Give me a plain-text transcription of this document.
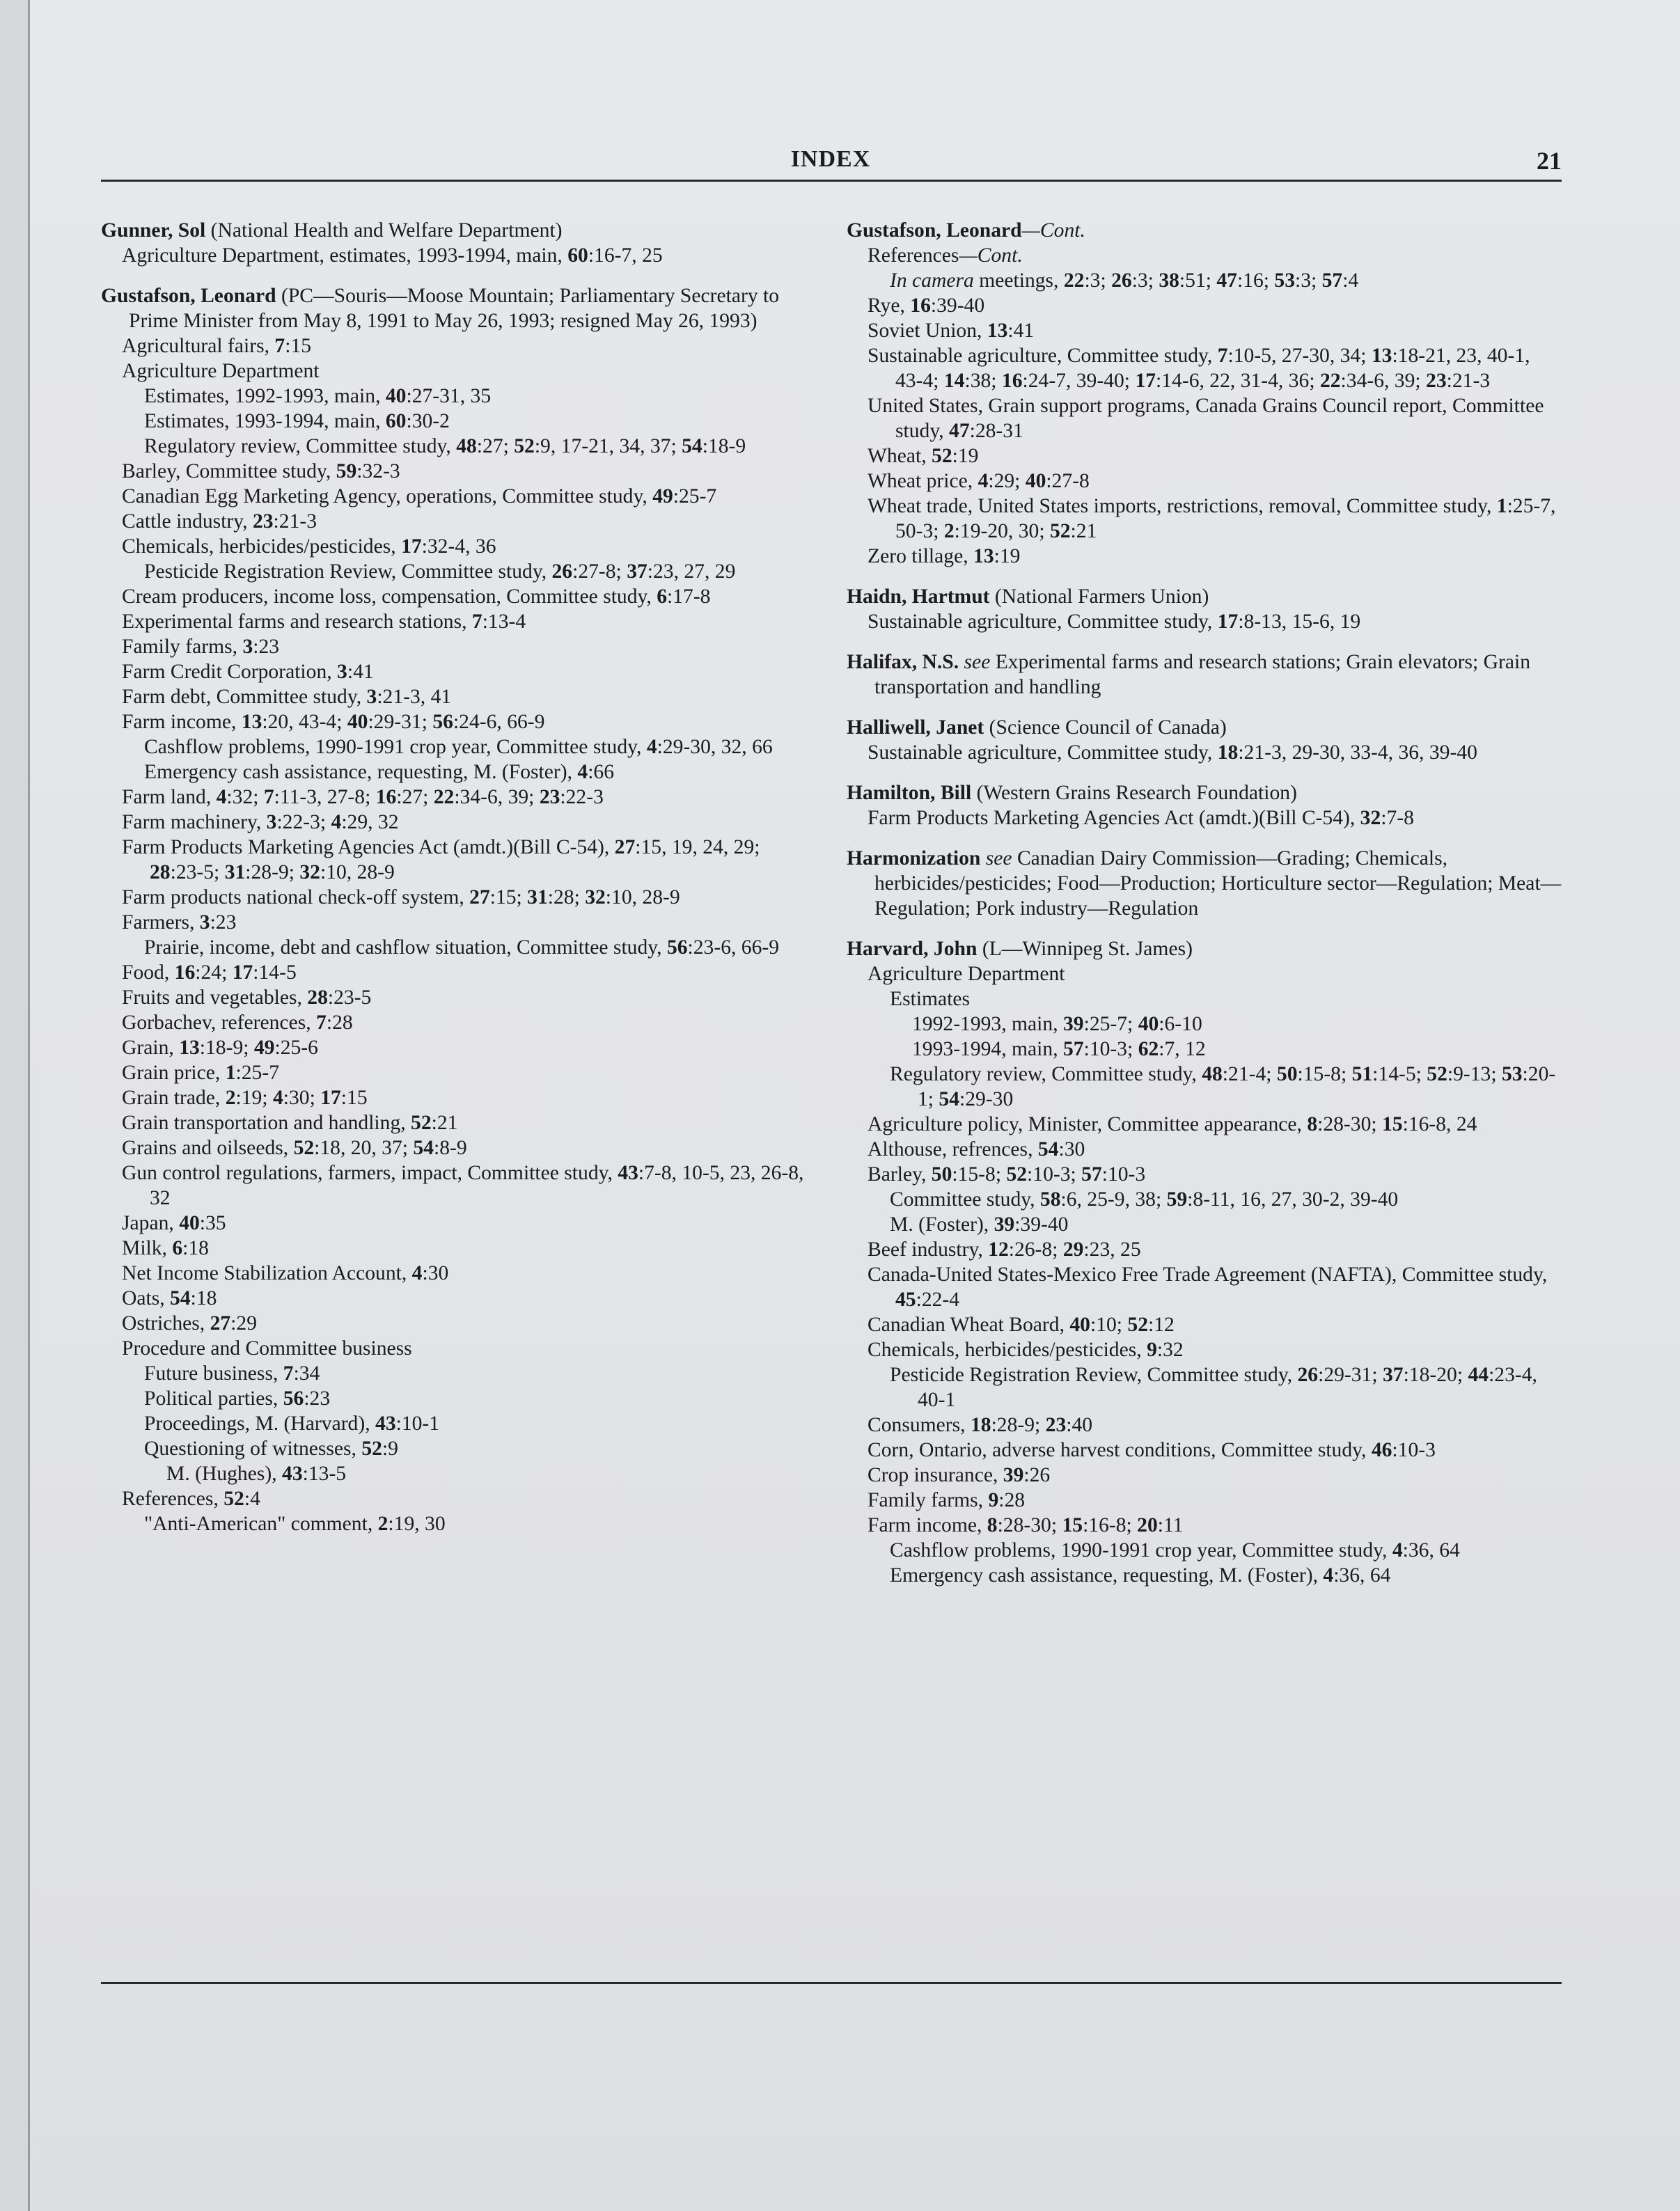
INDEX	21
Gunner, Sol (National Health and Welfare Department)
Agriculture Department, estimates, 1993-1994, main, 60:16-7, 25
Gustafson, Leonard (PC—Souris—Moose Mountain; Parliamentary Secretary to Prime Minister from May 8, 1991 to May 26, 1993; resigned May 26, 1993)
Agricultural fairs, 7:15
Agriculture Department
Estimates, 1992-1993, main, 40:27-31, 35
Estimates, 1993-1994, main, 60:30-2
Regulatory review, Committee study, 48:27; 52:9, 17-21, 34, 37; 54:18-9
Barley, Committee study, 59:32-3
Canadian Egg Marketing Agency, operations, Committee study, 49:25-7
Cattle industry, 23:21-3
Chemicals, herbicides/pesticides, 17:32-4, 36
Pesticide Registration Review, Committee study, 26:27-8; 37:23, 27, 29
Cream producers, income loss, compensation, Committee study, 6:17-8
Experimental farms and research stations, 7:13-4
Family farms, 3:23
Farm Credit Corporation, 3:41
Farm debt, Committee study, 3:21-3, 41
Farm income, 13:20, 43-4; 40:29-31; 56:24-6, 66-9
Cashflow problems, 1990-1991 crop year, Committee study, 4:29-30, 32, 66
Emergency cash assistance, requesting, M. (Foster), 4:66
Farm land, 4:32; 7:11-3, 27-8; 16:27; 22:34-6, 39; 23:22-3
Farm machinery, 3:22-3; 4:29, 32
Farm Products Marketing Agencies Act (amdt.)(Bill C-54), 27:15, 19, 24, 29; 28:23-5; 31:28-9; 32:10, 28-9
Farm products national check-off system, 27:15; 31:28; 32:10, 28-9
Farmers, 3:23
Prairie, income, debt and cashflow situation, Committee study, 56:23-6, 66-9
Food, 16:24; 17:14-5
Fruits and vegetables, 28:23-5
Gorbachev, references, 7:28
Grain, 13:18-9; 49:25-6
Grain price, 1:25-7
Grain trade, 2:19; 4:30; 17:15
Grain transportation and handling, 52:21
Grains and oilseeds, 52:18, 20, 37; 54:8-9
Gun control regulations, farmers, impact, Committee study, 43:7-8, 10-5, 23, 26-8, 32
Japan, 40:35
Milk, 6:18
Net Income Stabilization Account, 4:30
Oats, 54:18
Ostriches, 27:29
Procedure and Committee business
Future business, 7:34
Political parties, 56:23
Proceedings, M. (Harvard), 43:10-1
Questioning of witnesses, 52:9
M. (Hughes), 43:13-5
References, 52:4
"Anti-American" comment, 2:19, 30
Gustafson, Leonard—Cont.
References—Cont.
In camera meetings, 22:3; 26:3; 38:51; 47:16; 53:3; 57:4
Rye, 16:39-40
Soviet Union, 13:41
Sustainable agriculture, Committee study, 7:10-5, 27-30, 34; 13:18-21, 23, 40-1, 43-4; 14:38; 16:24-7, 39-40; 17:14-6, 22, 31-4, 36; 22:34-6, 39; 23:21-3
United States, Grain support programs, Canada Grains Council report, Committee study, 47:28-31
Wheat, 52:19
Wheat price, 4:29; 40:27-8
Wheat trade, United States imports, restrictions, removal, Committee study, 1:25-7, 50-3; 2:19-20, 30; 52:21
Zero tillage, 13:19
Haidn, Hartmut (National Farmers Union)
Sustainable agriculture, Committee study, 17:8-13, 15-6, 19
Halifax, N.S. see Experimental farms and research stations; Grain elevators; Grain transportation and handling
Halliwell, Janet (Science Council of Canada)
Sustainable agriculture, Committee study, 18:21-3, 29-30, 33-4, 36, 39-40
Hamilton, Bill (Western Grains Research Foundation)
Farm Products Marketing Agencies Act (amdt.)(Bill C-54), 32:7-8
Harmonization see Canadian Dairy Commission—Grading; Chemicals, herbicides/pesticides; Food—Production; Horticulture sector—Regulation; Meat—Regulation; Pork industry—Regulation
Harvard, John (L—Winnipeg St. James)
Agriculture Department
Estimates
1992-1993, main, 39:25-7; 40:6-10
1993-1994, main, 57:10-3; 62:7, 12
Regulatory review, Committee study, 48:21-4; 50:15-8; 51:14-5; 52:9-13; 53:20-1; 54:29-30
Agriculture policy, Minister, Committee appearance, 8:28-30; 15:16-8, 24
Althouse, refrences, 54:30
Barley, 50:15-8; 52:10-3; 57:10-3
Committee study, 58:6, 25-9, 38; 59:8-11, 16, 27, 30-2, 39-40
M. (Foster), 39:39-40
Beef industry, 12:26-8; 29:23, 25
Canada-United States-Mexico Free Trade Agreement (NAFTA), Committee study, 45:22-4
Canadian Wheat Board, 40:10; 52:12
Chemicals, herbicides/pesticides, 9:32
Pesticide Registration Review, Committee study, 26:29-31; 37:18-20; 44:23-4, 40-1
Consumers, 18:28-9; 23:40
Corn, Ontario, adverse harvest conditions, Committee study, 46:10-3
Crop insurance, 39:26
Family farms, 9:28
Farm income, 8:28-30; 15:16-8; 20:11
Cashflow problems, 1990-1991 crop year, Committee study, 4:36, 64
Emergency cash assistance, requesting, M. (Foster), 4:36, 64
